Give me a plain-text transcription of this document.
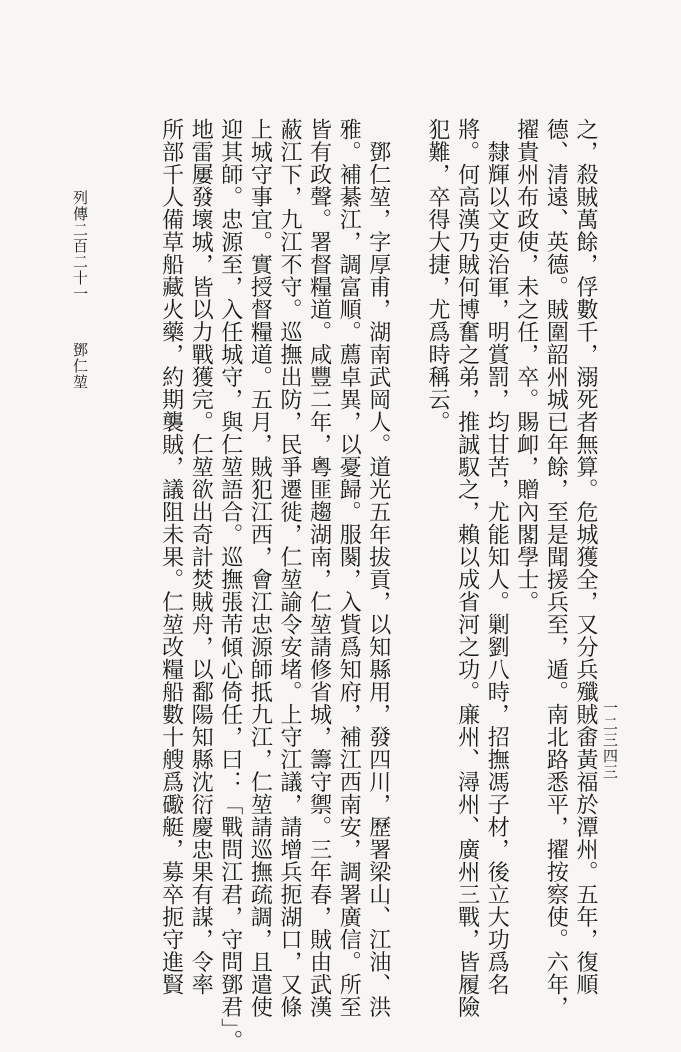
之，殺賊萬餘，俘數千，溺死者無算。危城獲全，又分兵殲賊畬黃福於潭州。五年，復順
德、清遠、英德。賊圍韶州城已年餘，至是聞援兵至，遁。南北路悉平，擢按察使。六年，
擢貴州布政使，未之任，卒。賜卹，贈內閣學士。
　隸輝以文吏治軍，明賞罰，均甘苦，尤能知人。剿劉八時，招撫馮子材，後立大功爲名
將。何高漢乃賊何博奮之弟，推誠馭之，賴以成省河之功。廉州、潯州、廣州三戰，皆履險
犯難，卒得大捷，尤爲時稱云。
　鄧仁堃，字厚甫，湖南武岡人。道光五年拔貢，以知縣用，發四川，歷署梁山、江油、洪
雅。補綦江，調富順。薦卓異，以憂歸。服闋，入貲爲知府，補江西南安，調署廣信。所至
皆有政聲。署督糧道。咸豐二年，粵匪趨湖南，仁堃請修省城，籌守禦。三年春，賊由武漢
蔽江下，九江不守。巡撫出防，民爭遷徙，仁堃諭令安堵。上守江議，請增兵扼湖口，又條
上城守事宜。實授督糧道。五月，賊犯江西，會江忠源師抵九江，仁堃請巡撫疏調，且遣使
迎其師。忠源至，入任城守，與仁堃語合。巡撫張芾傾心倚任，曰：「戰問江君，守問鄧君」。
地雷屢發壞城，皆以力戰獲完。仁堃欲出奇計焚賊舟，以鄱陽知縣沈衍慶忠果有謀，令率
所部千人備草船藏火藥，約期襲賊，議阻未果。仁堃改糧船數十艘爲礮艇，募卒扼守進賢
列傳二百二十一鄧仁堃
一二三四三
